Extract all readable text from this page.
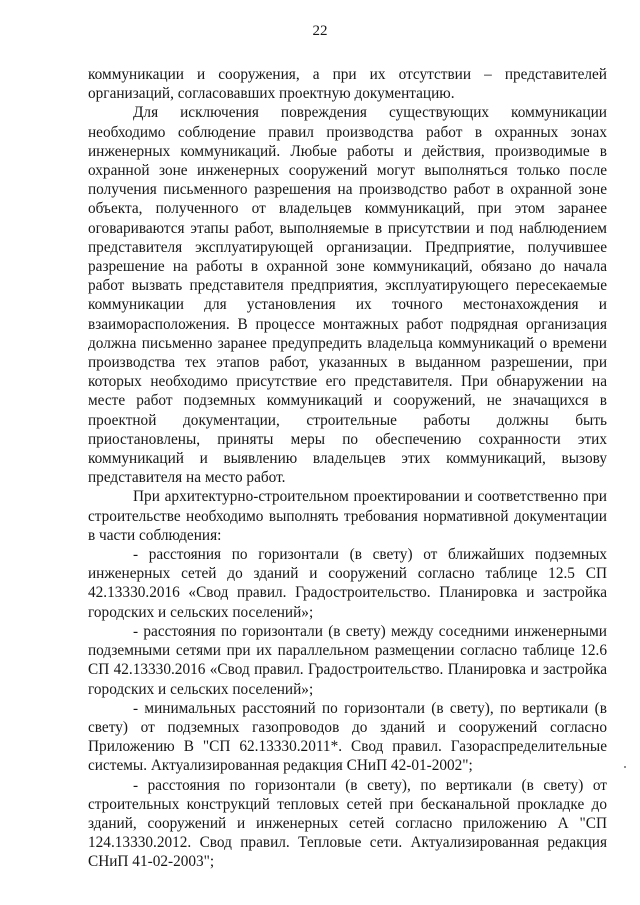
22

коммуникации и сооружения, а при их отсутствии – представителей организаций, согласовавших проектную документацию.

Для исключения повреждения существующих коммуникации необходимо соблюдение правил производства работ в охранных зонах инженерных коммуникаций. Любые работы и действия, производимые в охранной зоне инженерных сооружений могут выполняться только после получения письменного разрешения на производство работ в охранной зоне объекта, полученного от владельцев коммуникаций, при этом заранее оговариваются этапы работ, выполняемые в присутствии и под наблюдением представителя эксплуатирующей организации. Предприятие, получившее разрешение на работы в охранной зоне коммуникаций, обязано до начала работ вызвать представителя предприятия, эксплуатирующего пересекаемые коммуникации для установления их точного местонахождения и взаиморасположения. В процессе монтажных работ подрядная организация должна письменно заранее предупредить владельца коммуникаций о времени производства тех этапов работ, указанных в выданном разрешении, при которых необходимо присутствие его представителя. При обнаружении на месте работ подземных коммуникаций и сооружений, не значащихся в проектной документации, строительные работы должны быть приостановлены, приняты меры по обеспечению сохранности этих коммуникаций и выявлению владельцев этих коммуникаций, вызову представителя на место работ.

При архитектурно-строительном проектировании и соответственно при строительстве необходимо выполнять требования нормативной документации в части соблюдения:

- расстояния по горизонтали (в свету) от ближайших подземных инженерных сетей до зданий и сооружений согласно таблице 12.5 СП 42.13330.2016 «Свод правил. Градостроительство. Планировка и застройка городских и сельских поселений»;

- расстояния по горизонтали (в свету) между соседними инженерными подземными сетями при их параллельном размещении согласно таблице 12.6 СП 42.13330.2016 «Свод правил. Градостроительство. Планировка и застройка городских и сельских поселений»;

- минимальных расстояний по горизонтали (в свету), по вертикали (в свету) от подземных газопроводов до зданий и сооружений согласно Приложению В "СП 62.13330.2011*. Свод правил. Газораспределительные системы. Актуализированная редакция СНиП 42-01-2002";

- расстояния по горизонтали (в свету), по вертикали (в свету) от строительных конструкций тепловых сетей при бесканальной прокладке до зданий, сооружений и инженерных сетей согласно приложению А "СП 124.13330.2012. Свод правил. Тепловые сети. Актуализированная редакция СНиП 41-02-2003";
